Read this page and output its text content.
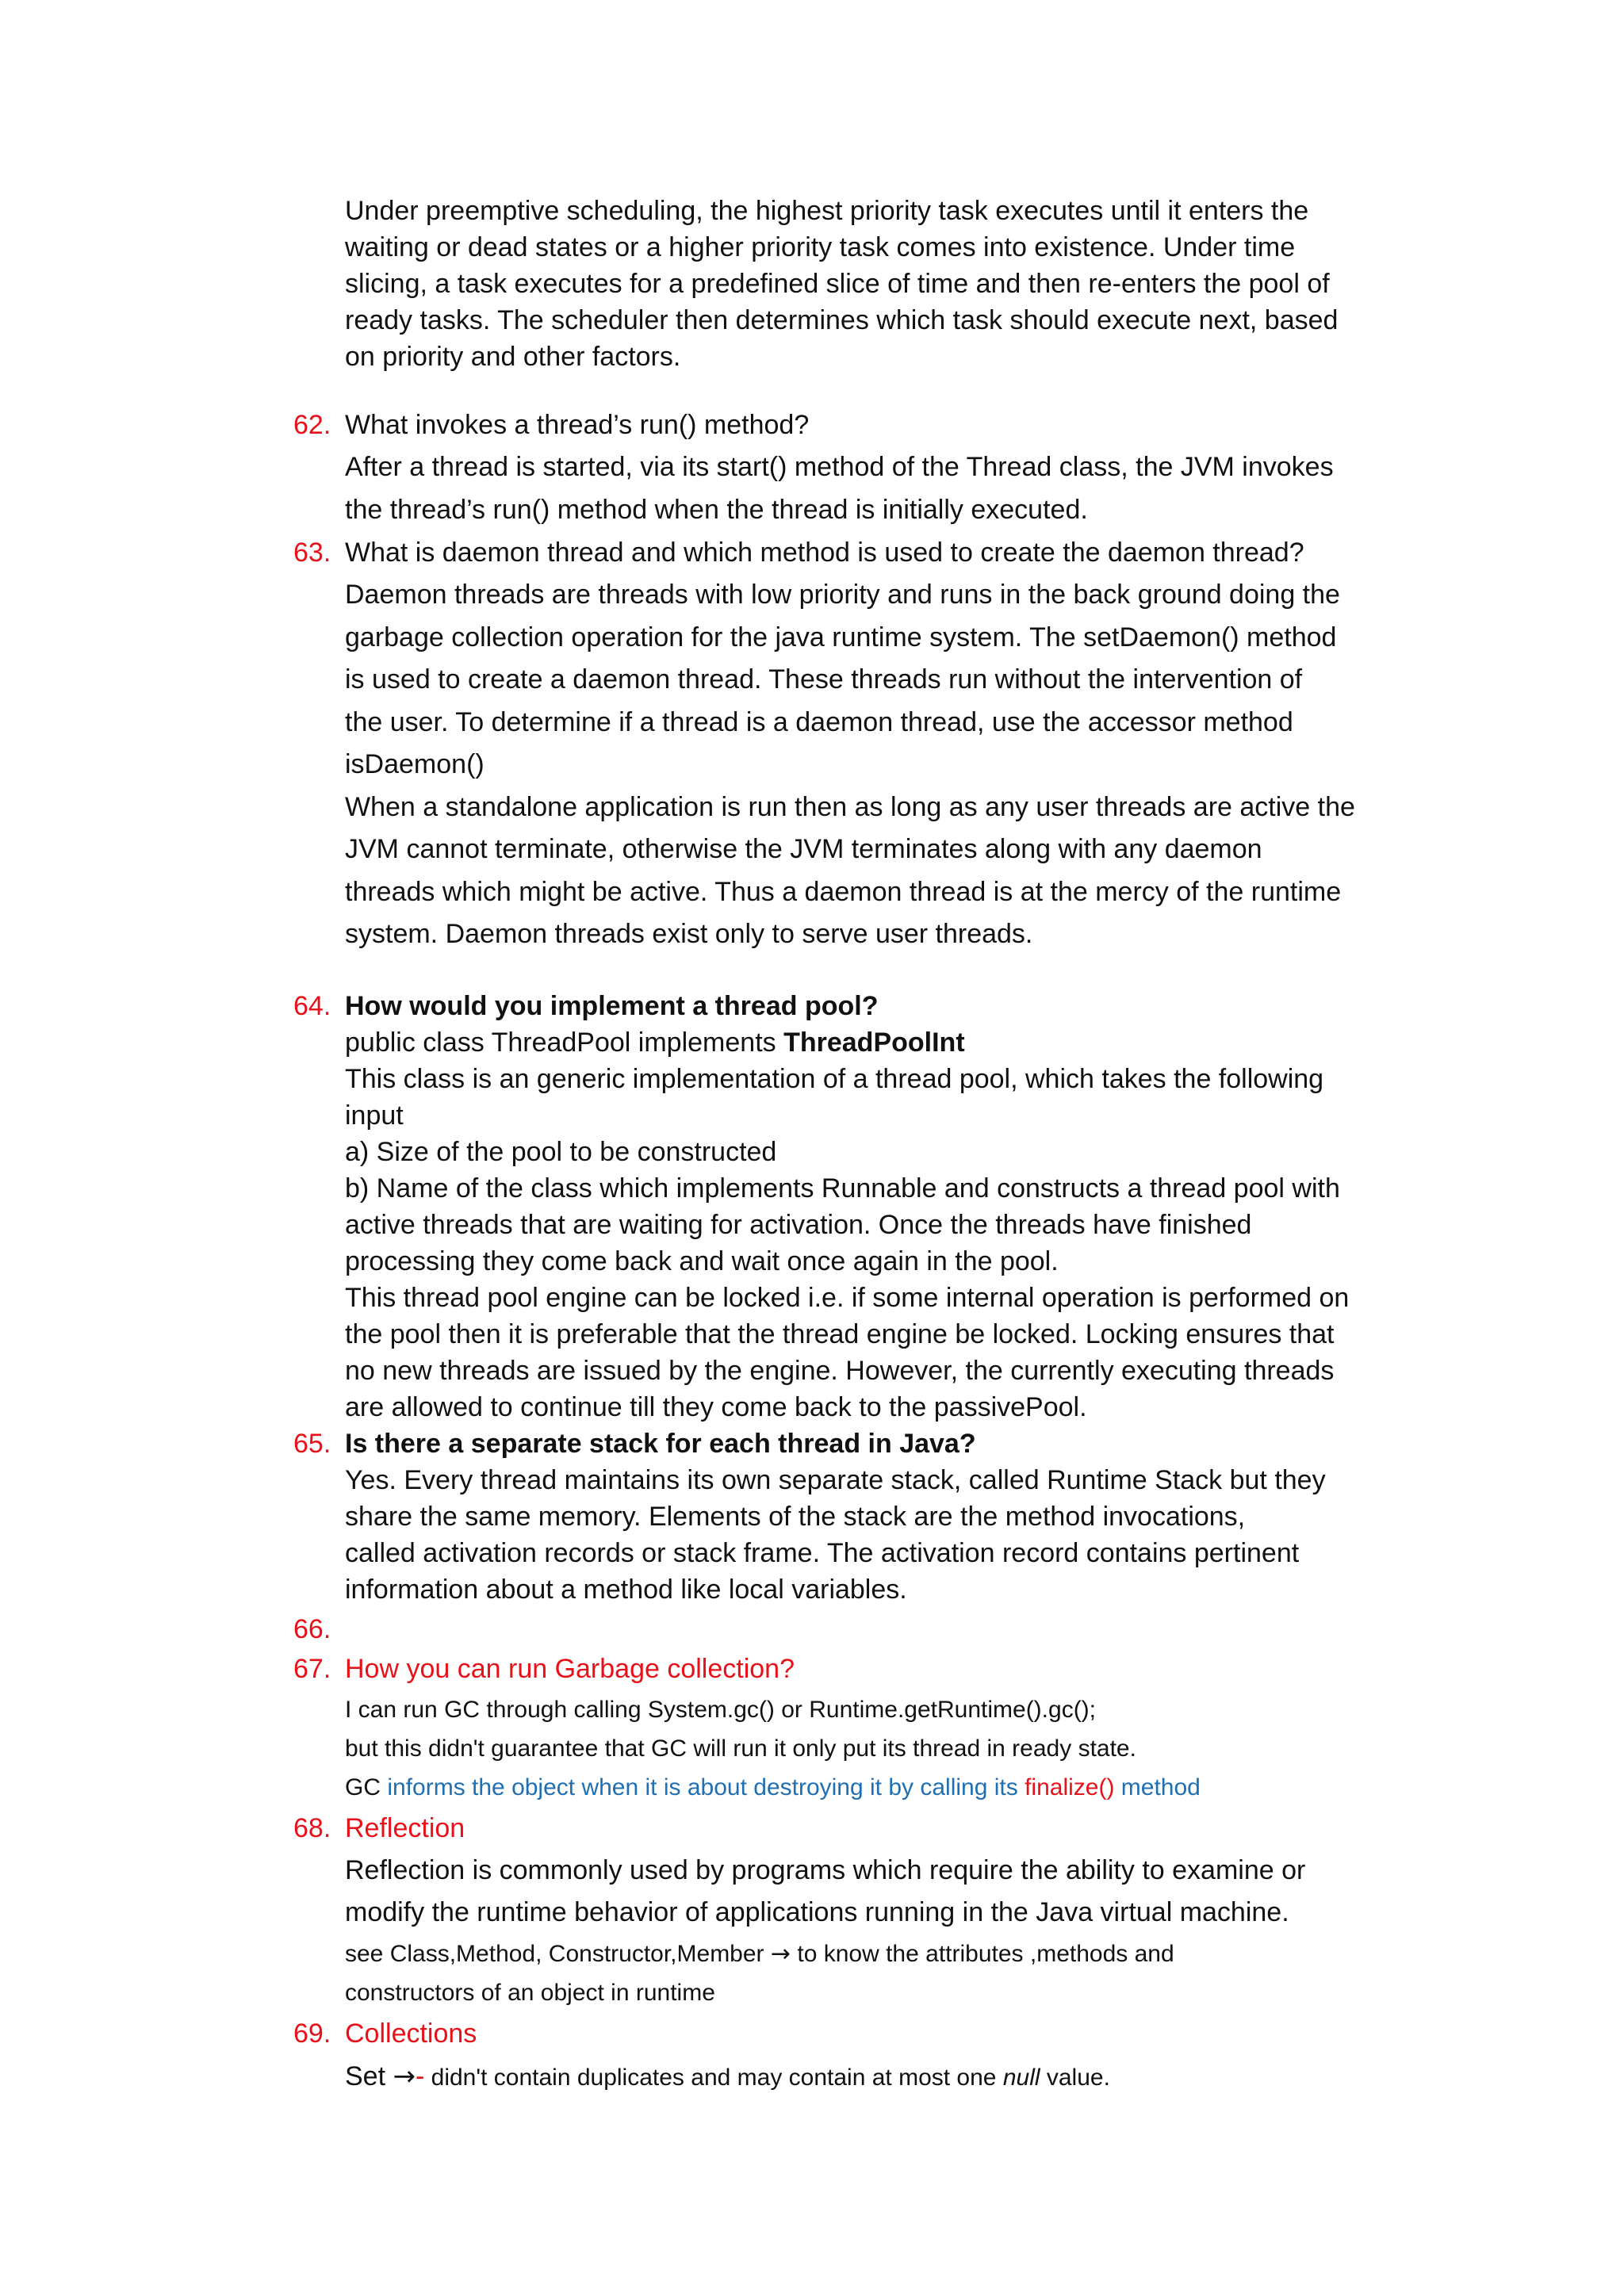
Under preemptive scheduling, the highest priority task executes until it enters the
waiting or dead states or a higher priority task comes into existence. Under time
slicing, a task executes for a predefined slice of time and then re-enters the pool of
ready tasks. The scheduler then determines which task should execute next, based
on priority and other factors.
62. What invokes a thread’s run() method?
After a thread is started, via its start() method of the Thread class, the JVM invokes
the thread’s run() method when the thread is initially executed.
63. What is daemon thread and which method is used to create the daemon thread?
Daemon threads are threads with low priority and runs in the back ground doing the
garbage collection operation for the java runtime system. The setDaemon() method
is used to create a daemon thread. These threads run without the intervention of
the user. To determine if a thread is a daemon thread, use the accessor method
isDaemon()
When a standalone application is run then as long as any user threads are active the
JVM cannot terminate, otherwise the JVM terminates along with any daemon
threads which might be active. Thus a daemon thread is at the mercy of the runtime
system. Daemon threads exist only to serve user threads.
64. How would you implement a thread pool?
public class ThreadPool implements ThreadPoolInt
This class is an generic implementation of a thread pool, which takes the following
input
a) Size of the pool to be constructed
b) Name of the class which implements Runnable and constructs a thread pool with
active threads that are waiting for activation. Once the threads have finished
processing they come back and wait once again in the pool.
This thread pool engine can be locked i.e. if some internal operation is performed on
the pool then it is preferable that the thread engine be locked. Locking ensures that
no new threads are issued by the engine. However, the currently executing threads
are allowed to continue till they come back to the passivePool.
65. Is there a separate stack for each thread in Java?
Yes. Every thread maintains its own separate stack, called Runtime Stack but they
share the same memory. Elements of the stack are the method invocations,
called activation records or stack frame. The activation record contains pertinent
information about a method like local variables.
66.
67. How you can run Garbage collection?
I can run GC through calling System.gc() or Runtime.getRuntime().gc();
but this didn't guarantee that GC will run it only put its thread in ready state.
GC informs the object when it is about destroying it by calling its finalize() method
68. Reflection
Reflection is commonly used by programs which require the ability to examine or
modify the runtime behavior of applications running in the Java virtual machine.
see Class,Method, Constructor,Member → to know the attributes ,methods and
constructors of an object in runtime
69. Collections
Set →- didn't contain duplicates and may contain at most one null value.
